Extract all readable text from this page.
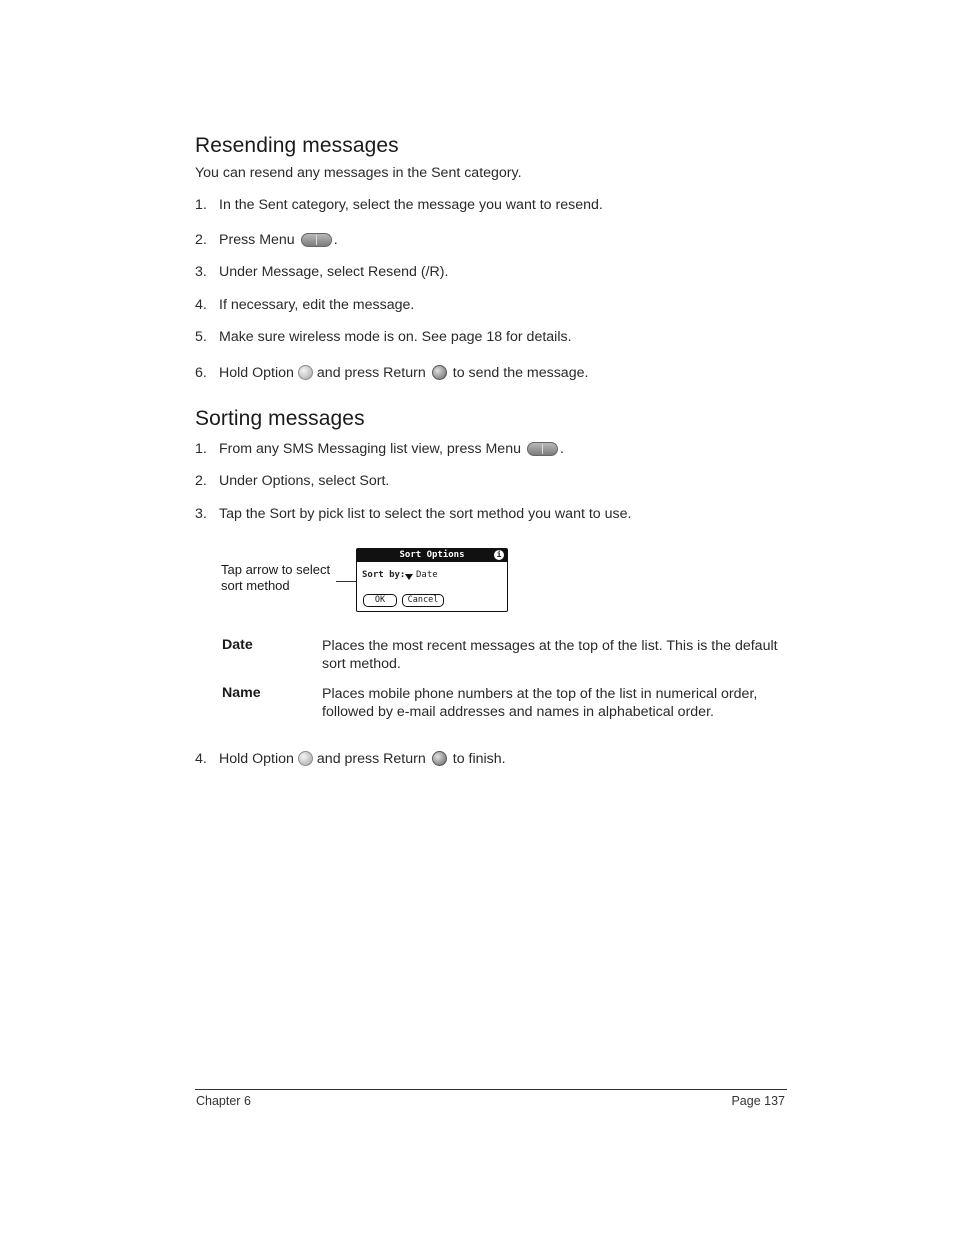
Resending messages
You can resend any messages in the Sent category.
1. In the Sent category, select the message you want to resend.
2. Press Menu	.
3. Under Message, select Resend (/R).
4. If necessary, edit the message.
5. Make sure wireless mode is on. See page 18 for details.
6. Hold Option and press Return to send the message.
Sorting messages
1. From any SMS Messaging list view, press Menu	.
2. Under Options, select Sort.
3. Tap the Sort by pick list to select the sort method you want to use.
Tap arrow to select
sort method
Sort Options	i
Sort by: Date
OK	Cancel
Date	Places the most recent messages at the top of the list. This is the default
sort method.
Name	Places mobile phone numbers at the top of the list in numerical order,
followed by e-mail addresses and names in alphabetical order.
4. Hold Option and press Return to finish.
Chapter 6	Page 137
